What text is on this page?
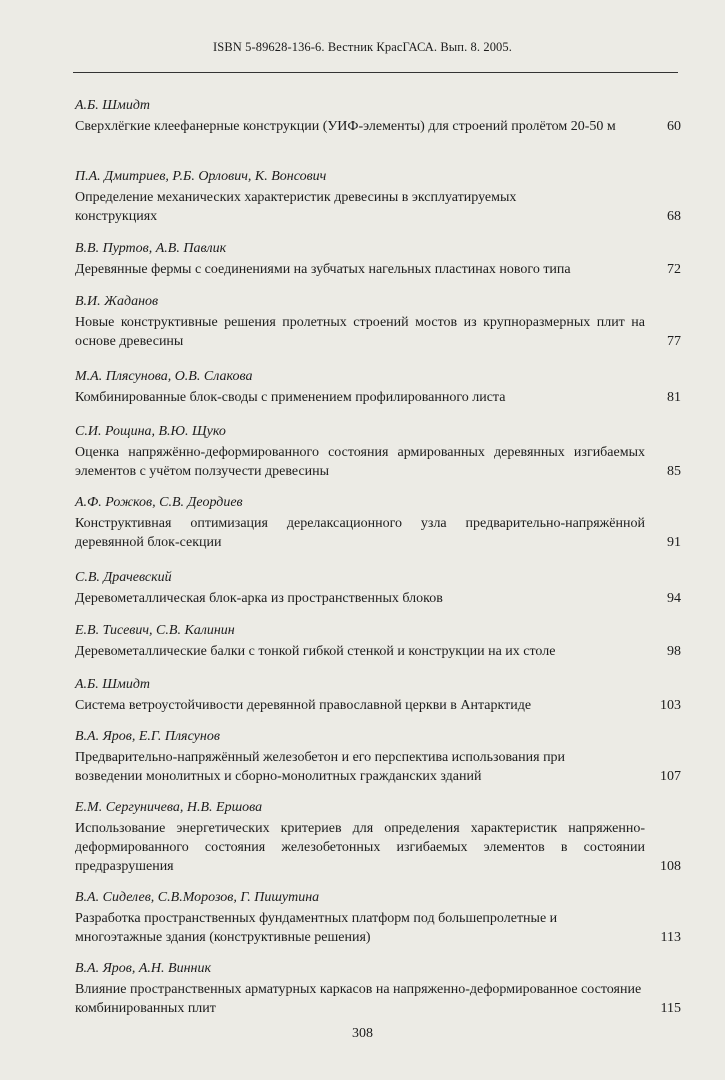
ISBN 5-89628-136-6. Вестник КрасГАСА. Вып. 8. 2005.
А.Б. Шмидт
Сверхлёгкие клеефанерные конструкции (УИФ-элементы) для строений пролётом 20-50 м	60
П.А. Дмитриев, Р.Б. Орлович, К. Вонсович
Определение механических характеристик древесины в эксплуатируемых конструкциях	68
В.В. Пуртов, А.В. Павлик
Деревянные фермы с соединениями на зубчатых нагельных пластинах нового типа	72
В.И. Жаданов
Новые конструктивные решения пролетных строений мостов из крупноразмерных плит на основе древесины	77
М.А. Плясунова, О.В. Слакова
Комбинированные блок-своды с применением профилированного листа	81
С.И. Рощина, В.Ю. Щуко
Оценка напряжённо-деформированного состояния армированных деревянных изгибаемых элементов с учётом ползучести древесины	85
А.Ф. Рожков, С.В. Деордиев
Конструктивная оптимизация дерелаксационного узла предварительно-напряжённой деревянной блок-секции	91
С.В. Драчевский
Деревометаллическая блок-арка из пространственных блоков	94
Е.В. Тисевич, С.В. Калинин
Деревометаллические балки с тонкой гибкой стенкой и конструкции на их столе	98
А.Б. Шмидт
Система ветроустойчивости деревянной православной церкви в Антарктиде	103
В.А. Яров, Е.Г. Плясунов
Предварительно-напряжённый железобетон и его перспектива использования при возведении монолитных и сборно-монолитных гражданских зданий	107
Е.М. Сергуничева, Н.В. Ершова
Использование энергетических критериев для определения характеристик напряженно-деформированного состояния железобетонных изгибаемых элементов в состоянии предразрушения	108
В.А. Сиделев, С.В.Морозов, Г. Пишутина
Разработка пространственных фундаментных платформ под большепролетные и многоэтажные здания (конструктивные решения)	113
В.А. Яров, А.Н. Винник
Влияние пространственных арматурных каркасов на напряженно-деформированное состояние комбинированных плит	115
308
